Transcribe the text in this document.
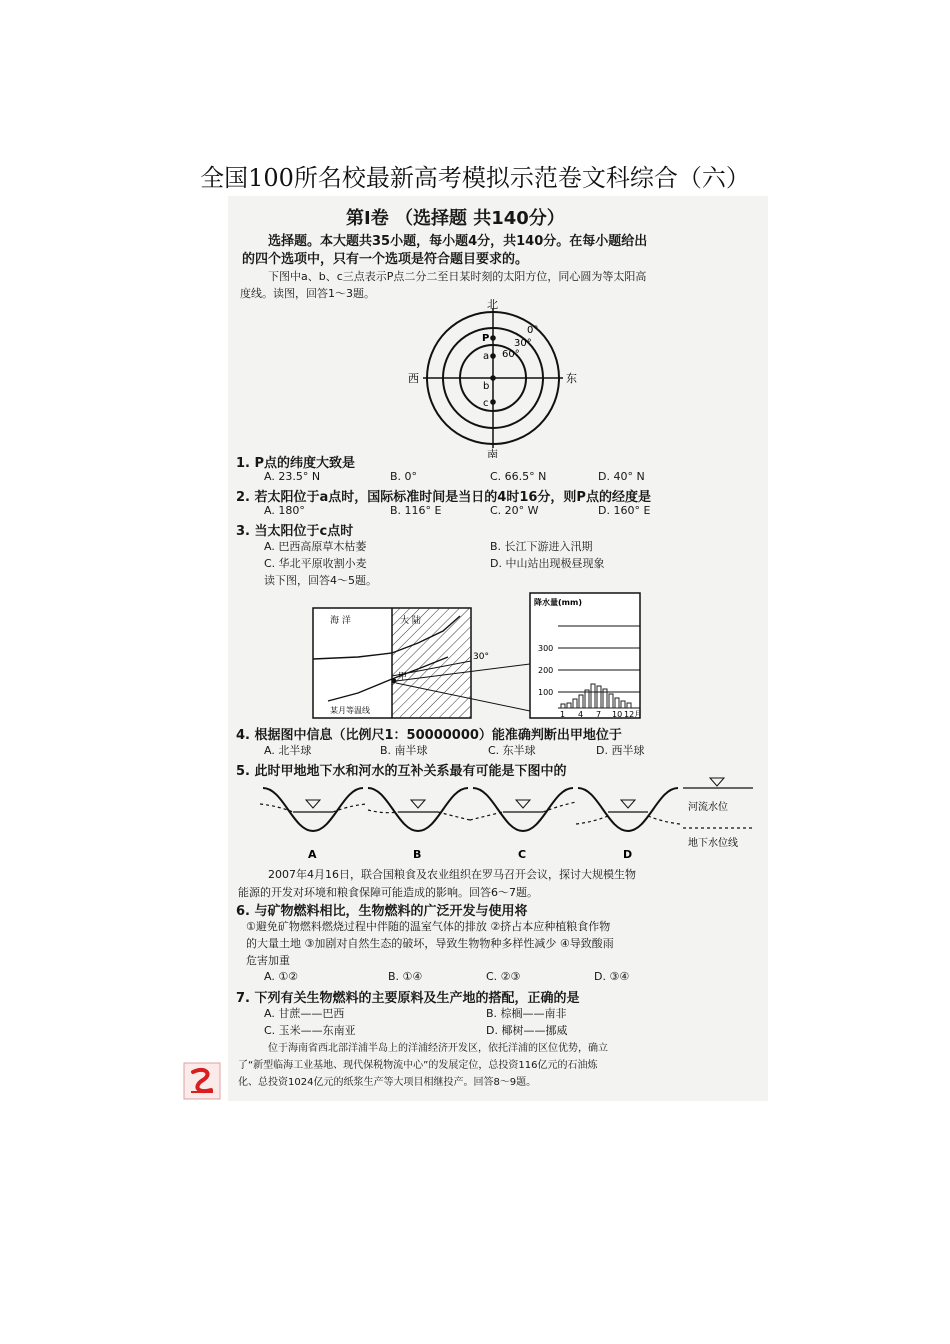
全国100所名校最新高考模拟示范卷文科综合（六）
第Ⅰ卷 （选择题 共140分）
选择题。本大题共35小题，每小题4分，共140分。在每小题给出
的四个选项中，只有一个选项是符合题目要求的。
下图中a、b、c三点表示P点二分二至日某时刻的太阳方位，同心圆为等太阳高
度线。读图，回答1～3题。
北
南
西	东
0°
30°
60°
P
a
b
c
1. P点的纬度大致是
A. 23.5° N	B. 0°	C. 66.5° N	D. 40° N
2. 若太阳位于a点时，国际标准时间是当日的4时16分，则P点的经度是
A. 180°	B. 116° E	C. 20° W	D. 160° E
3. 当太阳位于c点时
A. 巴西高原草木枯萎	B. 长江下游进入汛期
C. 华北平原收割小麦	D. 中山站出现极昼现象
读下图，回答4～5题。
海 洋	大 陆
30°
甲
某月等温线
降水量(mm)
300
200
100
1 4 7 10 12月
4. 根据图中信息（比例尺1：50000000）能准确判断出甲地位于
A. 北半球	B. 南半球	C. 东半球	D. 西半球
5. 此时甲地地下水和河水的互补关系最有可能是下图中的
A	B	C	D
河流水位
地下水位线
2007年4月16日，联合国粮食及农业组织在罗马召开会议，探讨大规模生物
能源的开发对环境和粮食保障可能造成的影响。回答6～7题。
6. 与矿物燃料相比，生物燃料的广泛开发与使用将
①避免矿物燃料燃烧过程中伴随的温室气体的排放 ②挤占本应种植粮食作物
的大量土地 ③加剧对自然生态的破坏，导致生物物种多样性减少 ④导致酸雨
危害加重
A. ①②	B. ①④	C. ②③	D. ③④
7. 下列有关生物燃料的主要原料及生产地的搭配，正确的是
A. 甘蔗——巴西	B. 棕榈——南非
C. 玉米——东南亚	D. 椰树——挪威
位于海南省西北部洋浦半岛上的洋浦经济开发区，依托洋浦的区位优势，确立
了“新型临海工业基地、现代保税物流中心”的发展定位，总投资116亿元的石油炼
化、总投资1024亿元的纸浆生产等大项目相继投产。回答8～9题。
